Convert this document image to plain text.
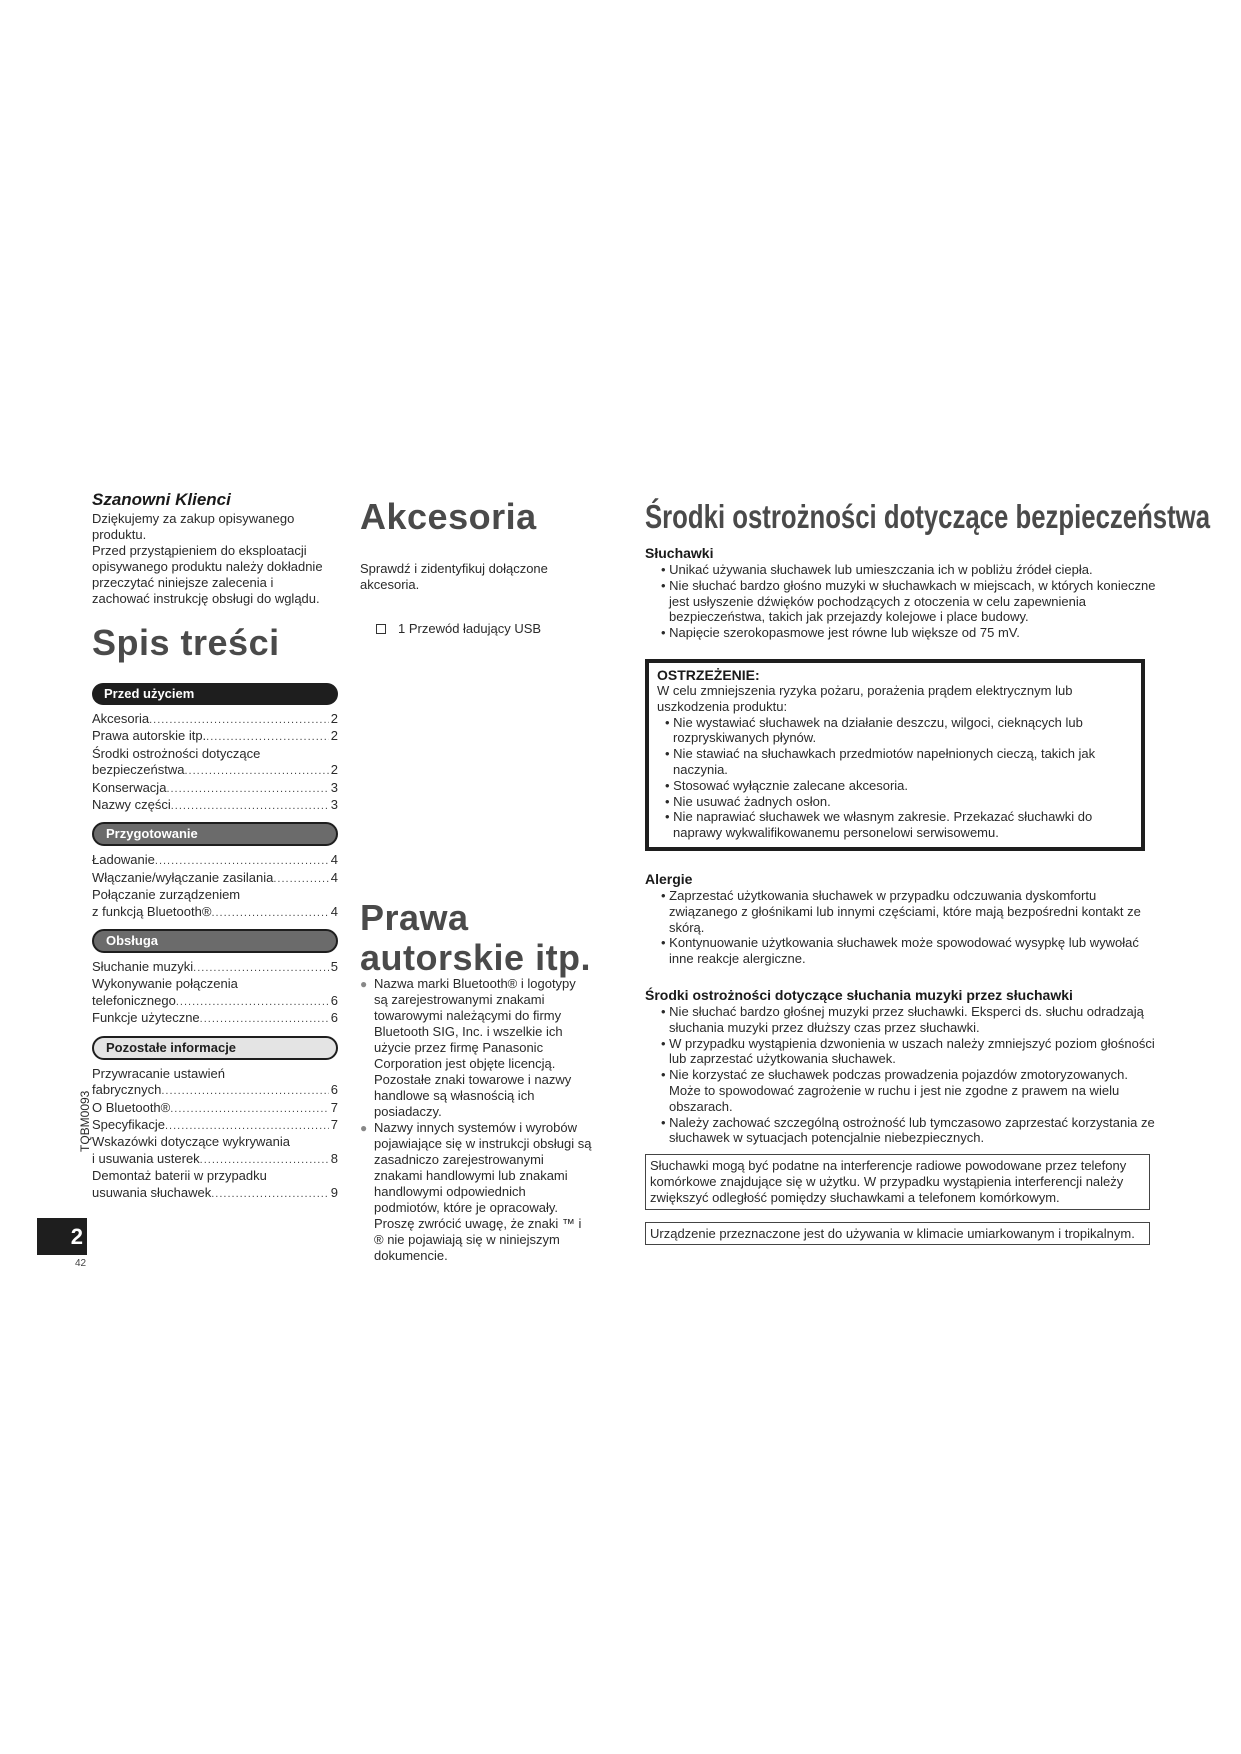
Szanowni Klienci

Dziękujemy za zakup opisywanego

produktu.

Przed przystąpieniem do eksploatacji

opisywanego produktu należy dokładnie

przeczytać niniejsze zalecenia i

zachować instrukcję obsługi do wglądu.

Spis treści
Przed użyciem
Akcesoria .....	2
Prawa autorskie itp. .....	2
Środki ostrożności dotyczące
bezpieczeństwa .....	2
Konserwacja .....	3
Nazwy części .....	3
Przygotowanie
Ładowanie .....	4
Włączanie/wyłączanie zasilania .....	4
Połączanie zurządzeniem
z funkcją Bluetooth® .....	4
Obsługa
Słuchanie muzyki .....	5
Wykonywanie połączenia
telefonicznego .....	6
Funkcje użyteczne .....	6
Pozostałe informacje
Przywracanie ustawień
fabrycznych .....	6
O Bluetooth® .....	7
Specyfikacje .....	7
Wskazówki dotyczące wykrywania
i usuwania usterek .....	8
Demontaż baterii w przypadku
usuwania słuchawek .....	9
TQBM0093
2
42
Akcesoria

Sprawdź i zidentyfikuj dołączone

akcesoria.

1 Przewód ładujący USB
Prawa
autorskie itp.
● Nazwa marki Bluetooth® i logotypy są zarejestrowanymi znakami towarowymi należącymi do firmy Bluetooth SIG, Inc. i wszelkie ich użycie przez firmę Panasonic Corporation jest objęte licencją. Pozostałe znaki towarowe i nazwy handlowe są własnością ich posiadaczy.
● Nazwy innych systemów i wyrobów pojawiające się w instrukcji obsługi są zasadniczo zarejestrowanymi znakami handlowymi lub znakami handlowymi odpowiednich podmiotów, które je opracowały. Proszę zwrócić uwagę, że znaki ™ i ® nie pojawiają się w niniejszym dokumencie.
Środki ostrożności dotyczące bezpieczeństwa

Słuchawki

• Unikać używania słuchawek lub umieszczania ich w pobliżu źródeł ciepła.

• Nie słuchać bardzo głośno muzyki w słuchawkach w miejscach, w których konieczne jest usłyszenie dźwięków pochodzących z otoczenia w celu zapewnienia bezpieczeństwa, takich jak przejazdy kolejowe i place budowy.

• Napięcie szerokopasmowe jest równe lub większe od 75 mV.

OSTRZEŻENIE:

W celu zmniejszenia ryzyka pożaru, porażenia prądem elektrycznym lub uszkodzenia produktu:

• Nie wystawiać słuchawek na działanie deszczu, wilgoci, cieknących lub rozpryskiwanych płynów.

• Nie stawiać na słuchawkach przedmiotów napełnionych cieczą, takich jak naczynia.

• Stosować wyłącznie zalecane akcesoria.

• Nie usuwać żadnych osłon.

• Nie naprawiać słuchawek we własnym zakresie. Przekazać słuchawki do naprawy wykwalifikowanemu personelowi serwisowemu.

Alergie

• Zaprzestać użytkowania słuchawek w przypadku odczuwania dyskomfortu związanego z głośnikami lub innymi częściami, które mają bezpośredni kontakt ze skórą.

• Kontynuowanie użytkowania słuchawek może spowodować wysypkę lub wywołać inne reakcje alergiczne.

Środki ostrożności dotyczące słuchania muzyki przez słuchawki

• Nie słuchać bardzo głośnej muzyki przez słuchawki. Eksperci ds. słuchu odradzają słuchania muzyki przez dłuższy czas przez słuchawki.

• W przypadku wystąpienia dzwonienia w uszach należy zmniejszyć poziom głośności lub zaprzestać użytkowania słuchawek.

• Nie korzystać ze słuchawek podczas prowadzenia pojazdów zmotoryzowanych. Może to spowodować zagrożenie w ruchu i jest nie zgodne z prawem na wielu obszarach.

• Należy zachować szczególną ostrożność lub tymczasowo zaprzestać korzystania ze słuchawek w sytuacjach potencjalnie niebezpiecznych.

Słuchawki mogą być podatne na interferencje radiowe powodowane przez telefony komórkowe znajdujące się w użytku. W przypadku wystąpienia interferencji należy zwiększyć odległość pomiędzy słuchawkami a telefonem komórkowym.
Urządzenie przeznaczone jest do używania w klimacie umiarkowanym i tropikalnym.
